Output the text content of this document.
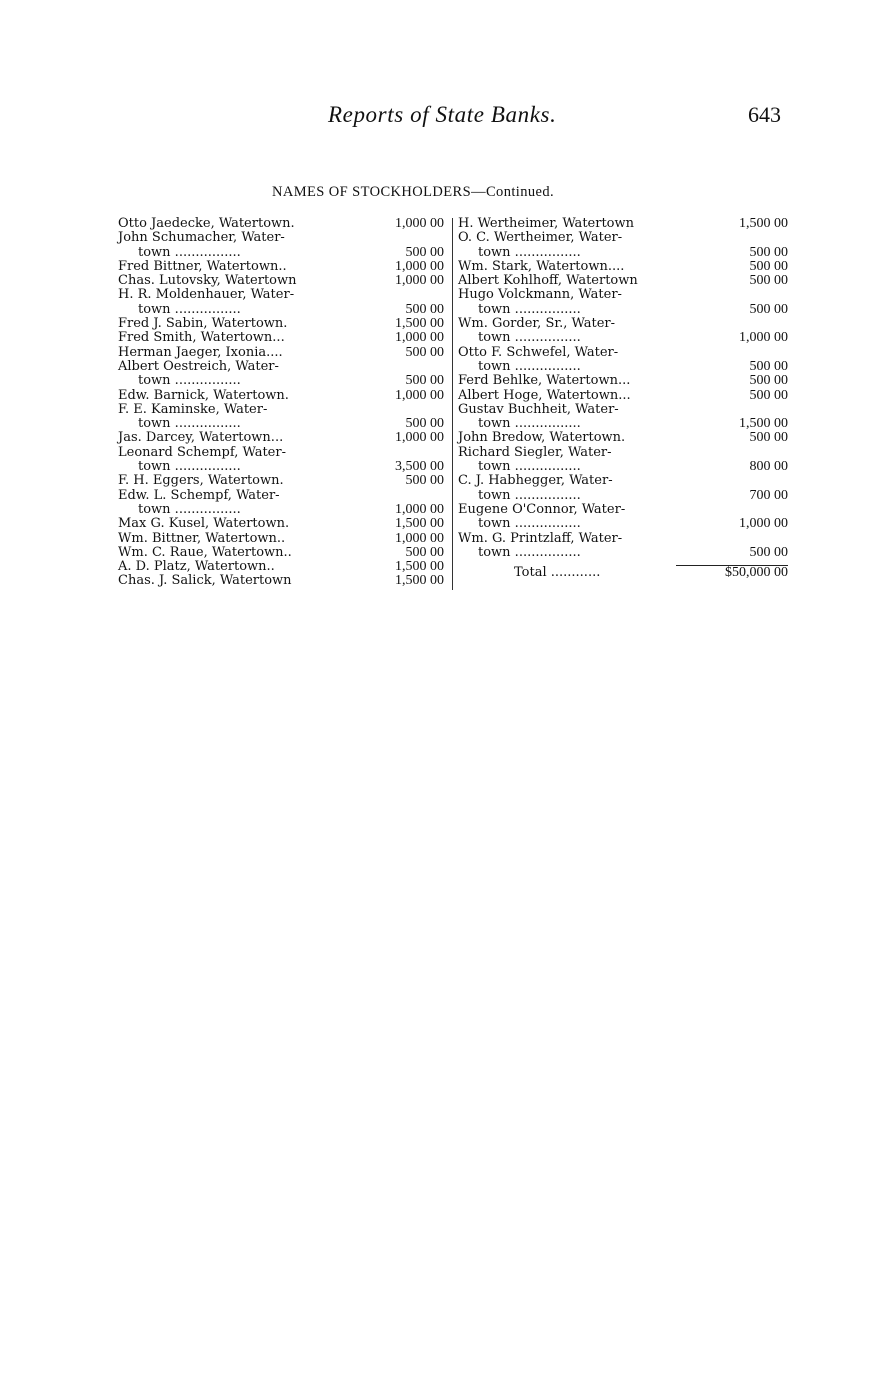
Reports of State Banks.	643
NAMES OF STOCKHOLDERS—Continued.
Otto Jaedecke, Watertown.	1,000 00
John Schumacher, Water-
town ................	500 00
Fred Bittner, Watertown..	1,000 00
Chas. Lutovsky, Watertown	1,000 00
H. R. Moldenhauer, Water-
town ................	500 00
Fred J. Sabin, Watertown.	1,500 00
Fred Smith, Watertown...	1,000 00
Herman Jaeger, Ixonia....	500 00
Albert Oestreich, Water-
town ................	500 00
Edw. Barnick, Watertown.	1,000 00
F. E. Kaminske, Water-
town ................	500 00
Jas. Darcey, Watertown...	1,000 00
Leonard Schempf, Water-
town ................	3,500 00
F. H. Eggers, Watertown.	500 00
Edw. L. Schempf, Water-
town ................	1,000 00
Max G. Kusel, Watertown.	1,500 00
Wm. Bittner, Watertown..	1,000 00
Wm. C. Raue, Watertown..	500 00
A. D. Platz, Watertown..	1,500 00
Chas. J. Salick, Watertown	1,500 00
H. Wertheimer, Watertown	1,500 00
O. C. Wertheimer, Water-
town ................	500 00
Wm. Stark, Watertown....	500 00
Albert Kohlhoff, Watertown	500 00
Hugo Volckmann, Water-
town ................	500 00
Wm. Gorder, Sr., Water-
town ................	1,000 00
Otto F. Schwefel, Water-
town ................	500 00
Ferd Behlke, Watertown...	500 00
Albert Hoge, Watertown...	500 00
Gustav Buchheit, Water-
town ................	1,500 00
John Bredow, Watertown.	500 00
Richard Siegler, Water-
town ................	800 00
C. J. Habhegger, Water-
town ................	700 00
Eugene O'Connor, Water-
town ................	1,000 00
Wm. G. Printzlaff, Water-
town ................	500 00
Total ............	$50,000 00
